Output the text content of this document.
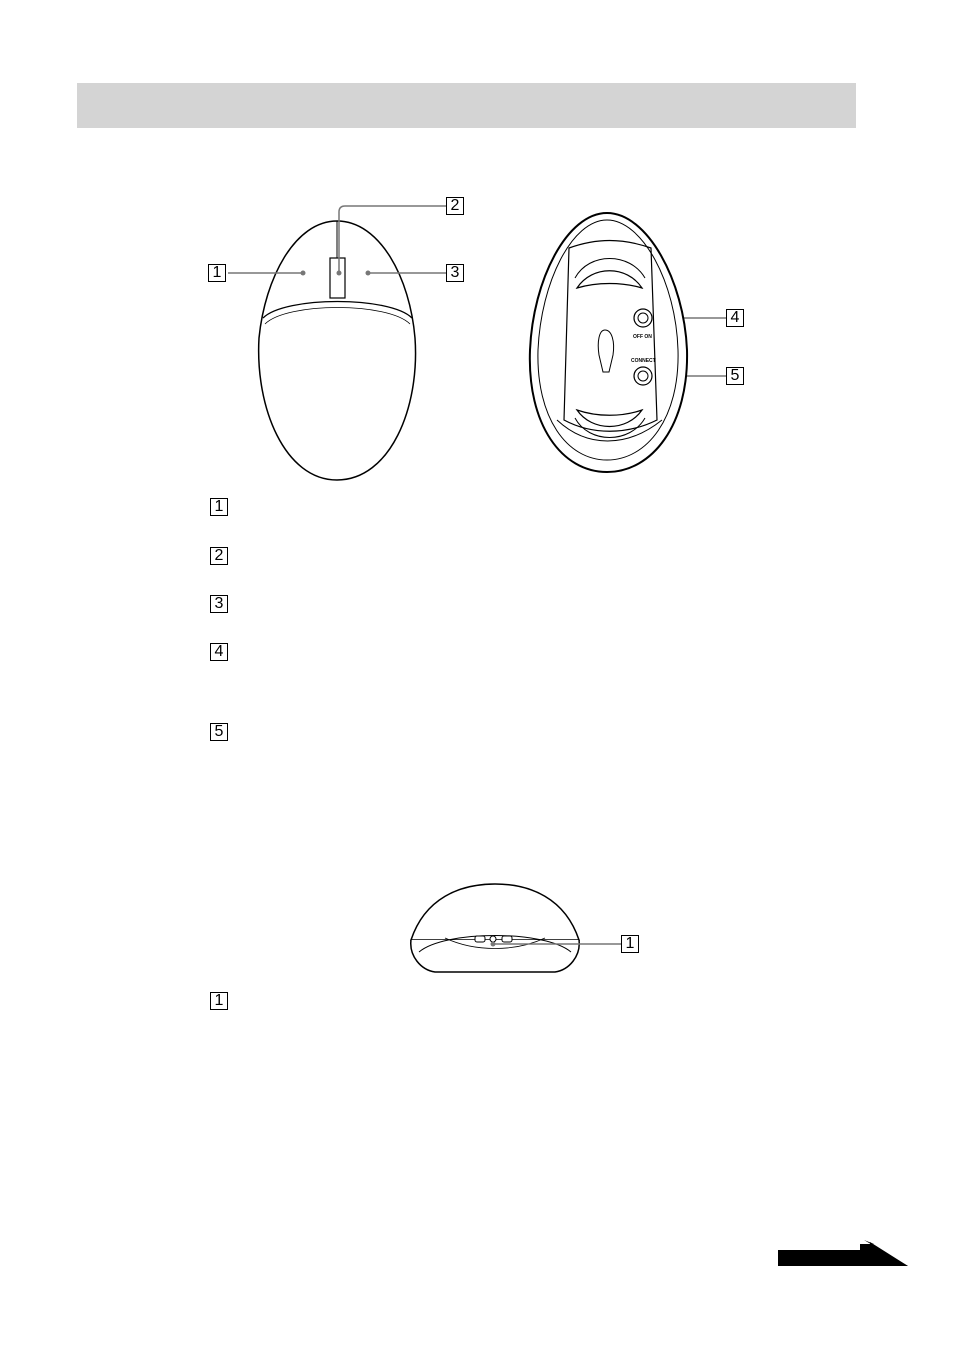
OFF ON
CONNECT
1
2
3
4
5
1
2
3
4
5
1
1
